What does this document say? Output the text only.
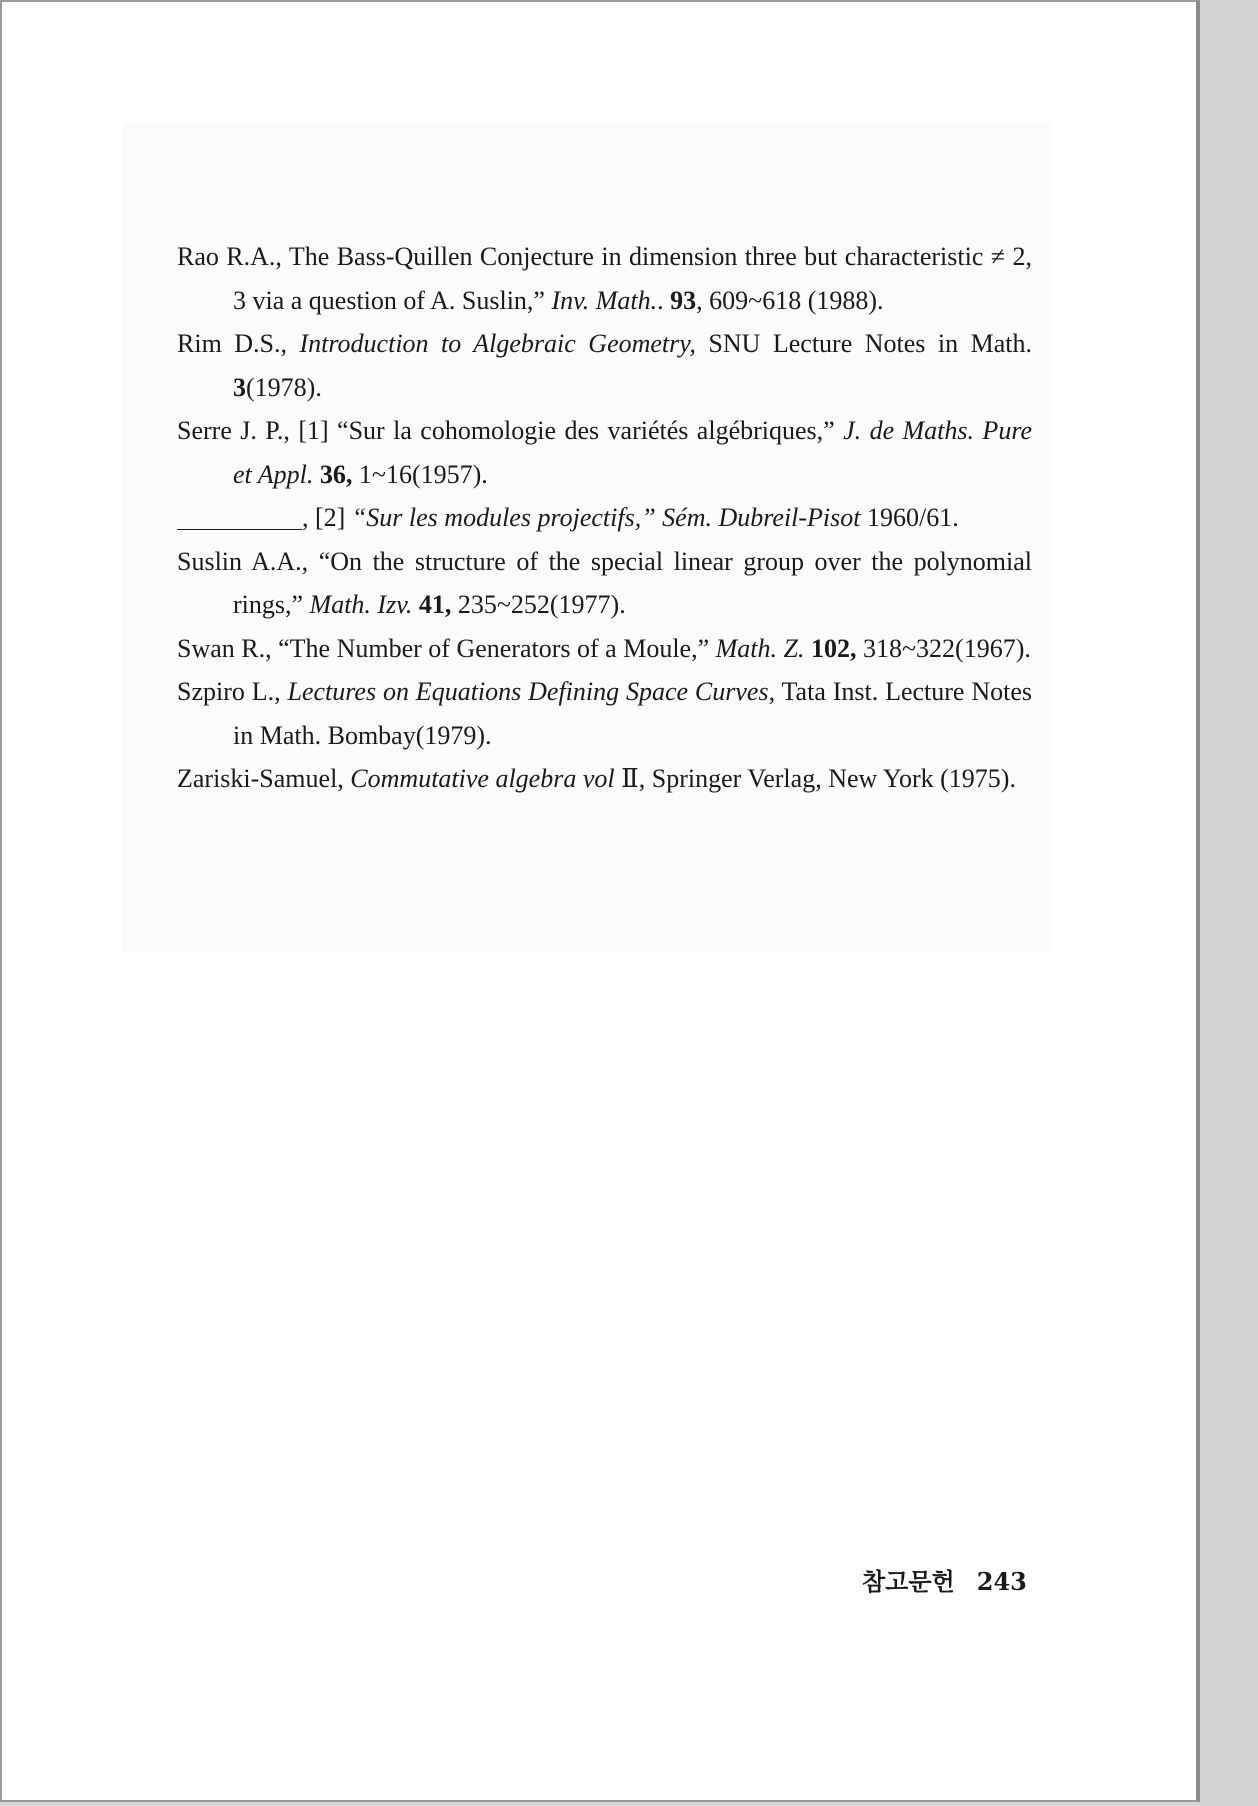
Rao R.A., The Bass-Quillen Conjecture in dimension three but characteristic ≠ 2, 3 via a question of A. Suslin,” Inv. Math.. 93, 609~618 (1988).
Rim D.S., Introduction to Algebraic Geometry, SNU Lecture Notes in Math. 3(1978).
Serre J. P., [1] “Sur la cohomologie des variétés algébriques,” J. de Maths. Pure et Appl. 36, 1~16(1957).
, [2] “Sur les modules projectifs,” Sém. Dubreil-Pisot 1960/61.
Suslin A.A., “On the structure of the special linear group over the polynomial rings,” Math. Izv. 41, 235~252(1977).
Swan R., “The Number of Generators of a Moule,” Math. Z. 102, 318~322(1967).
Szpiro L., Lectures on Equations Defining Space Curves, Tata Inst. Lecture Notes in Math. Bombay(1979).
Zariski-Samuel, Commutative algebra vol Ⅱ, Springer Verlag, New York (1975).
참고문헌 243
